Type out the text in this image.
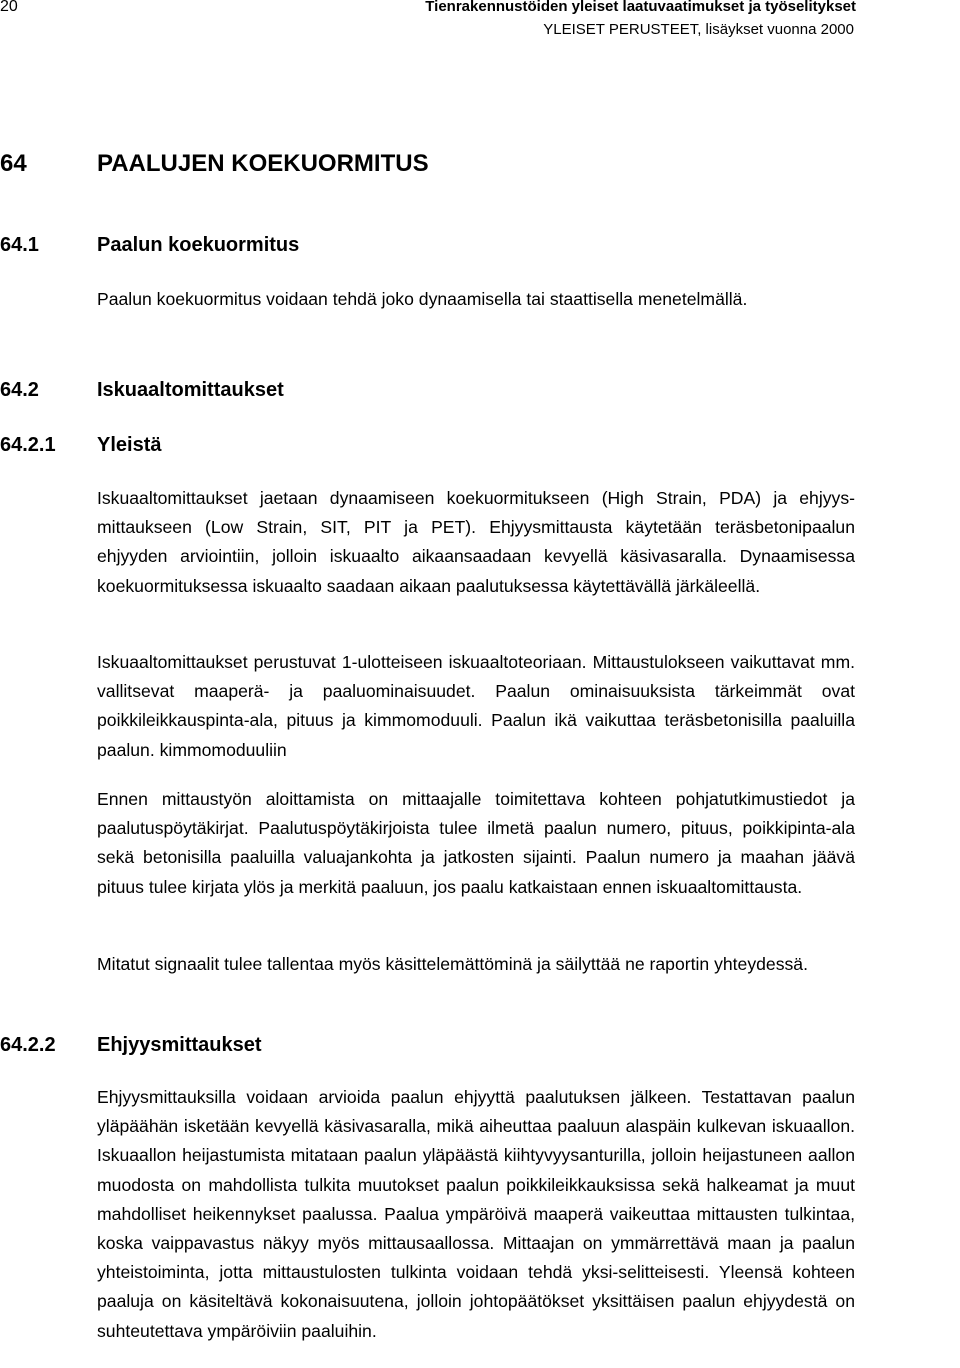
20	Tienrakennustöiden yleiset laatuvaatimukset ja työselitykset
YLEISET PERUSTEET, lisäykset vuonna 2000
64	PAALUJEN KOEKUORMITUS
64.1	Paalun koekuormitus

Paalun koekuormitus voidaan tehdä joko dynaamisella tai staattisella menetelmällä.

64.2	Iskuaaltomittaukset
64.2.1 Yleistä

Iskuaaltomittaukset jaetaan dynaamiseen koekuormitukseen (High Strain, PDA) ja ehjyys-mittaukseen (Low Strain, SIT, PIT ja PET). Ehjyysmittausta käytetään teräsbetonipaalun ehjyyden arviointiin, jolloin iskuaalto aikaansaadaan kevyellä käsivasaralla. Dynaamisessa koekuormituksessa iskuaalto saadaan aikaan paalutuksessa käytettävällä järkäleellä.

Iskuaaltomittaukset perustuvat 1-ulotteiseen iskuaaltoteoriaan. Mittaustulokseen vaikuttavat mm. vallitsevat maaperä- ja paaluominaisuudet. Paalun ominaisuuksista tärkeimmät ovat poikkileikkauspinta-ala, pituus ja kimmomoduuli. Paalun ikä vaikuttaa teräsbetonisilla paaluilla paalun. kimmomoduuliin

Ennen mittaustyön aloittamista on mittaajalle toimitettava kohteen pohjatutkimustiedot ja paalutuspöytäkirjat. Paalutuspöytäkirjoista tulee ilmetä paalun numero, pituus, poikkipinta-ala sekä betonisilla paaluilla valuajankohta ja jatkosten sijainti. Paalun numero ja maahan jäävä pituus tulee kirjata ylös ja merkitä paaluun, jos paalu katkaistaan ennen iskuaaltomittausta.

Mitatut signaalit tulee tallentaa myös käsittelemättöminä ja säilyttää ne raportin yhteydessä.

64.2.2 Ehjyysmittaukset

Ehjyysmittauksilla voidaan arvioida paalun ehjyyttä paalutuksen jälkeen. Testattavan paalun yläpäähän isketään kevyellä käsivasaralla, mikä aiheuttaa paaluun alaspäin kulkevan iskuaallon. Iskuaallon heijastumista mitataan paalun yläpäästä kiihtyvyysanturilla, jolloin heijastuneen aallon muodosta on mahdollista tulkita muutokset paalun poikkileikkauksissa sekä halkeamat ja muut mahdolliset heikennykset paalussa. Paalua ympäröivä maaperä vaikeuttaa mittausten tulkintaa, koska vaippavastus näkyy myös mittausaallossa. Mittaajan on ymmärrettävä maan ja paalun yhteistoiminta, jotta mittaustulosten tulkinta voidaan tehdä yksi-selitteisesti. Yleensä kohteen paaluja on käsiteltävä kokonaisuutena, jolloin johtopäätökset yksittäisen paalun ehjyydestä on suhteutettava ympäröiviin paaluihin.
